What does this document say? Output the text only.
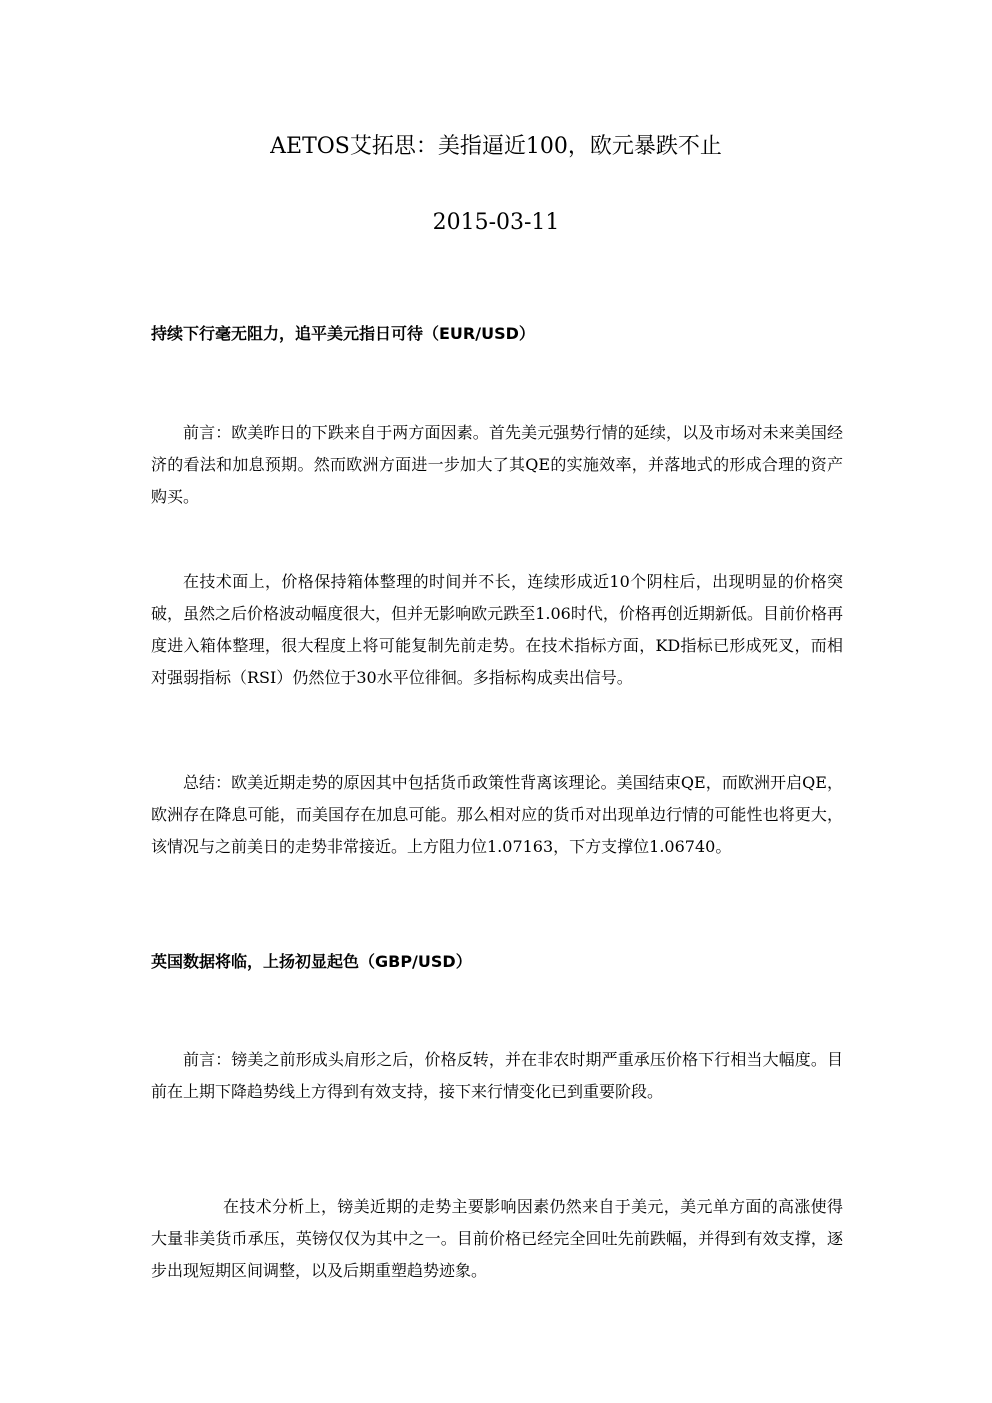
AETOS艾拓思：美指逼近100，欧元暴跌不止
2015-03-11
持续下行毫无阻力，追平美元指日可待（EUR/USD）
前言：欧美昨日的下跌来自于两方面因素。首先美元强势行情的延续，以及市场对未来美国经济的看法和加息预期。然而欧洲方面进一步加大了其QE的实施效率，并落地式的形成合理的资产购买。
在技术面上，价格保持箱体整理的时间并不长，连续形成近10个阴柱后，出现明显的价格突破，虽然之后价格波动幅度很大，但并无影响欧元跌至1.06时代，价格再创近期新低。目前价格再度进入箱体整理，很大程度上将可能复制先前走势。在技术指标方面，KD指标已形成死叉，而相对强弱指标（RSI）仍然位于30水平位徘徊。多指标构成卖出信号。
总结：欧美近期走势的原因其中包括货币政策性背离该理论。美国结束QE，而欧洲开启QE，欧洲存在降息可能，而美国存在加息可能。那么相对应的货币对出现单边行情的可能性也将更大，该情况与之前美日的走势非常接近。上方阻力位1.07163，下方支撑位1.06740。
英国数据将临，上扬初显起色（GBP/USD）
前言：镑美之前形成头肩形之后，价格反转，并在非农时期严重承压价格下行相当大幅度。目前在上期下降趋势线上方得到有效支持，接下来行情变化已到重要阶段。
在技术分析上，镑美近期的走势主要影响因素仍然来自于美元，美元单方面的高涨使得大量非美货币承压，英镑仅仅为其中之一。目前价格已经完全回吐先前跌幅，并得到有效支撑，逐步出现短期区间调整，以及后期重塑趋势迹象。
